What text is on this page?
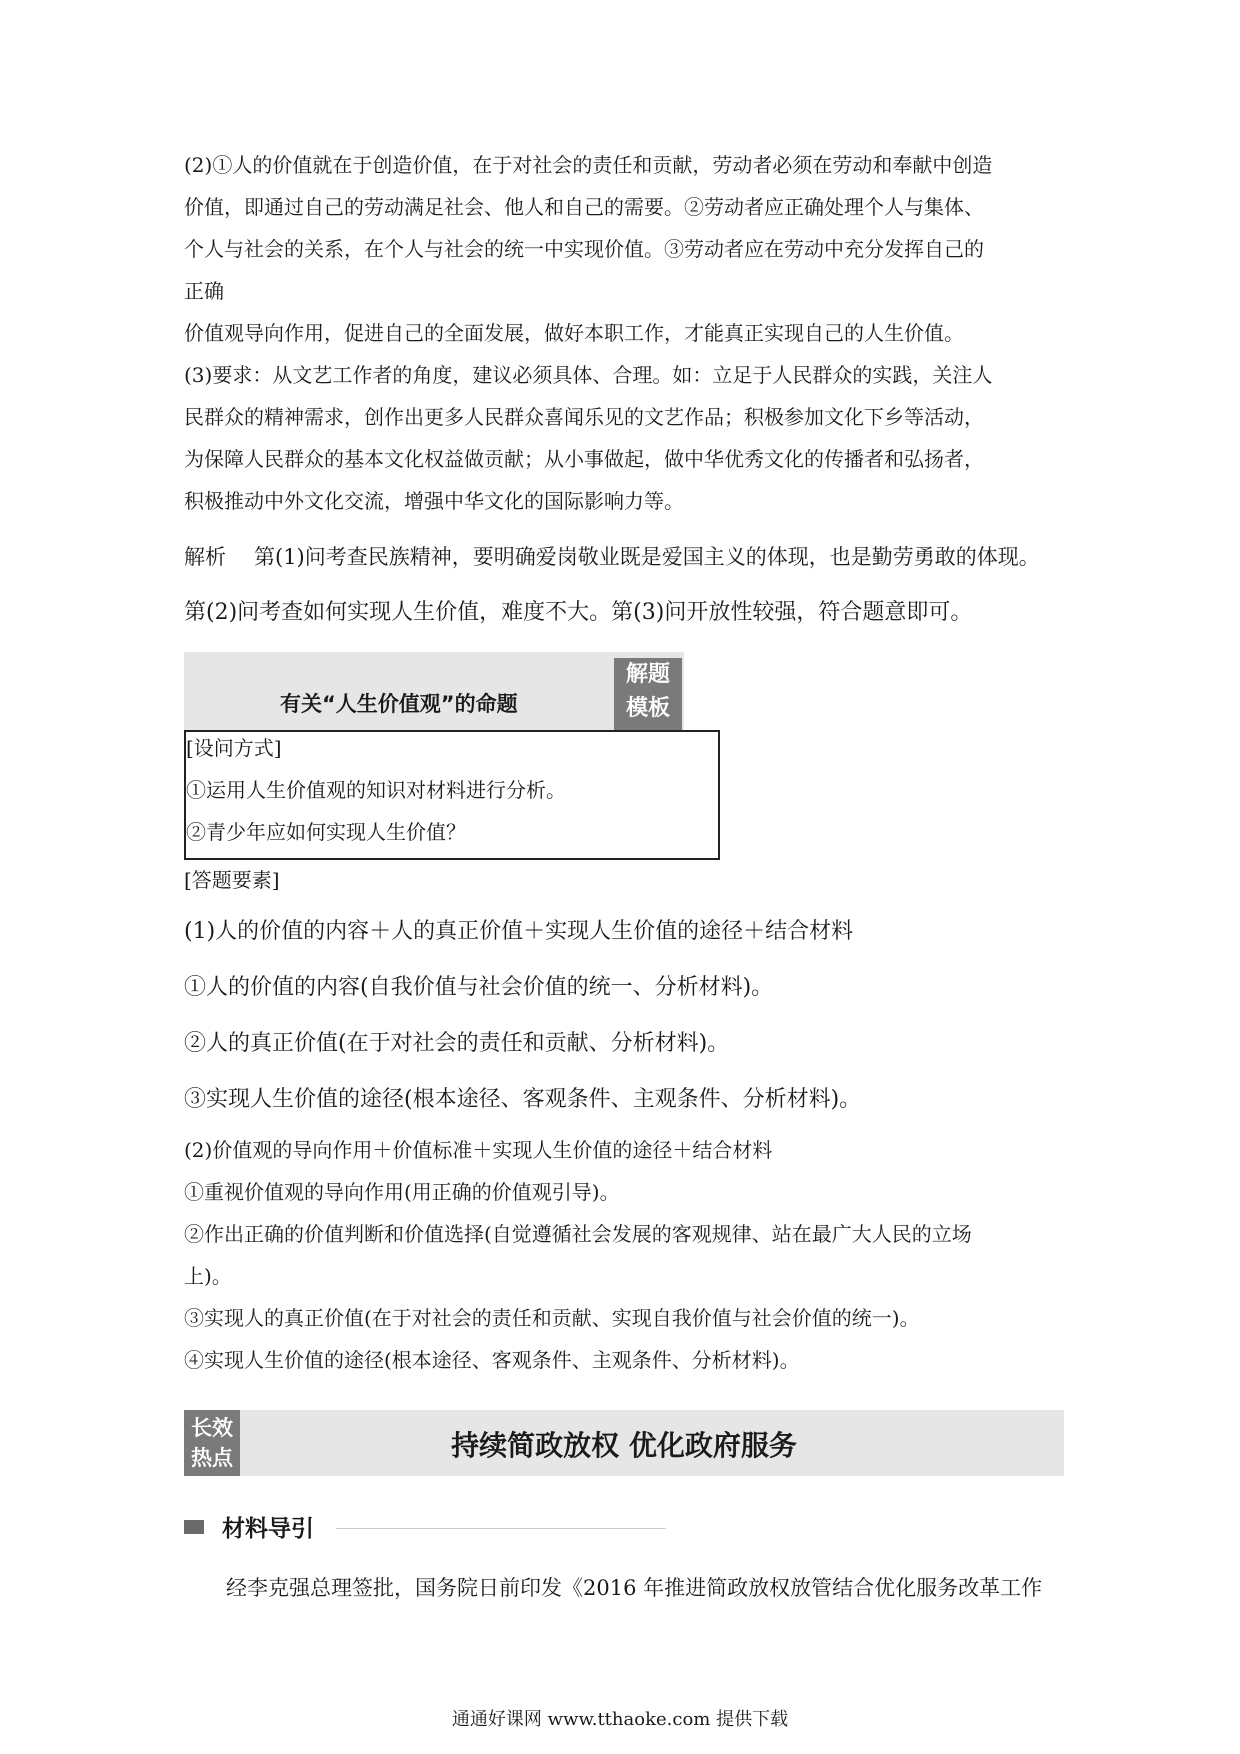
(2)①人的价值就在于创造价值，在于对社会的责任和贡献，劳动者必须在劳动和奉献中创造
价值，即通过自己的劳动满足社会、他人和自己的需要。②劳动者应正确处理个人与集体、
个人与社会的关系，在个人与社会的统一中实现价值。③劳动者应在劳动中充分发挥自己的
正确
价值观导向作用，促进自己的全面发展，做好本职工作，才能真正实现自己的人生价值。
(3)要求：从文艺工作者的角度，建议必须具体、合理。如：立足于人民群众的实践，关注人
民群众的精神需求，创作出更多人民群众喜闻乐见的文艺作品；积极参加文化下乡等活动，
为保障人民群众的基本文化权益做贡献；从小事做起，做中华优秀文化的传播者和弘扬者，
积极推动中外文化交流，增强中华文化的国际影响力等。
解析 第(1)问考查民族精神，要明确爱岗敬业既是爱国主义的体现，也是勤劳勇敢的体现。
第(2)问考查如何实现人生价值，难度不大。第(3)问开放性较强，符合题意即可。
有关“人生价值观”的命题
解题
模板
[设问方式]
①运用人生价值观的知识对材料进行分析。
②青少年应如何实现人生价值？
[答题要素]
(1)人的价值的内容＋人的真正价值＋实现人生价值的途径＋结合材料
①人的价值的内容(自我价值与社会价值的统一、分析材料)。
②人的真正价值(在于对社会的责任和贡献、分析材料)。
③实现人生价值的途径(根本途径、客观条件、主观条件、分析材料)。
(2)价值观的导向作用＋价值标准＋实现人生价值的途径＋结合材料
①重视价值观的导向作用(用正确的价值观引导)。
②作出正确的价值判断和价值选择(自觉遵循社会发展的客观规律、站在最广大人民的立场
上)。
③实现人的真正价值(在于对社会的责任和贡献、实现自我价值与社会价值的统一)。
④实现人生价值的途径(根本途径、客观条件、主观条件、分析材料)。
长效
热点	持续简政放权 优化政府服务
材料导引
经李克强总理签批，国务院日前印发《2016 年推进简政放权放管结合优化服务改革工作
通通好课网 www.tthaoke.com 提供下载
